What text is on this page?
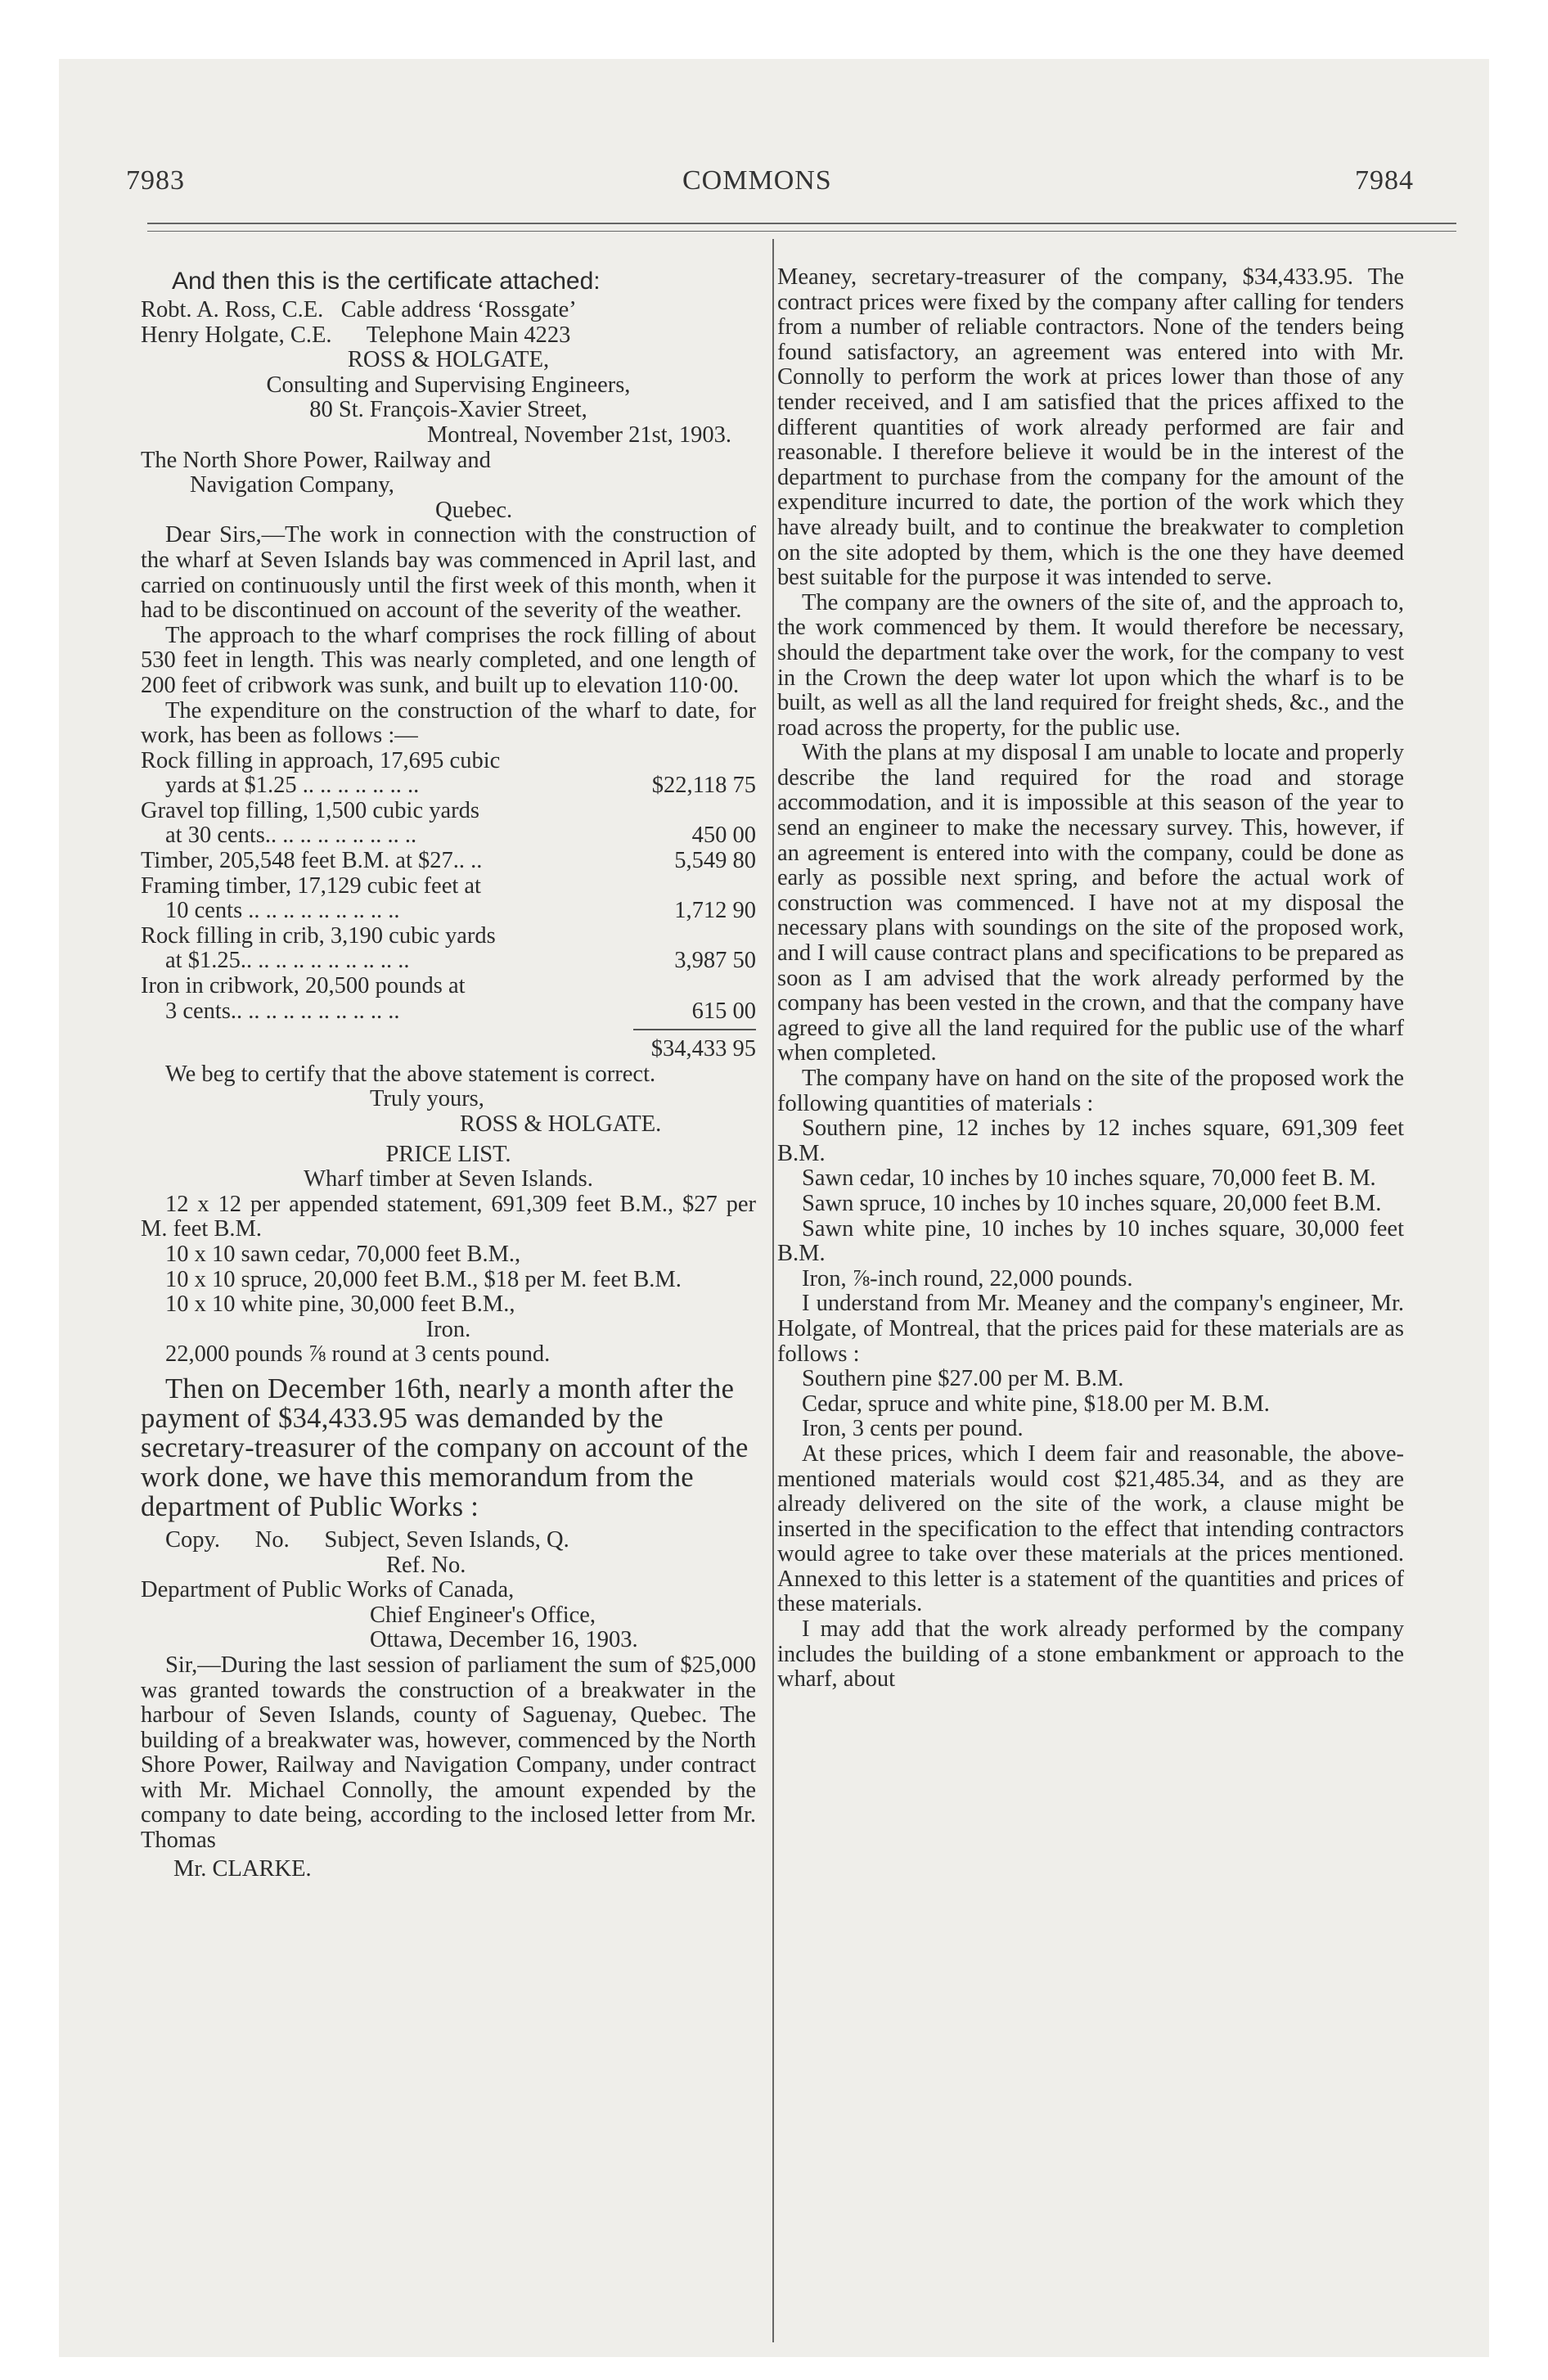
7983	COMMONS	7984

And then this is the certificate attached:

Robt. A. Ross, C.E.   Cable address ‘Rossgate’

Henry Holgate, C.E.      Telephone Main 4223

ROSS & HOLGATE,

Consulting and Supervising Engineers,

80 St. François-Xavier Street,

Montreal, November 21st, 1903.

The North Shore Power, Railway and

Navigation Company,

Quebec.

Dear Sirs,—The work in connection with the construction of the wharf at Seven Islands bay was commenced in April last, and carried on continuously until the first week of this month, when it had to be discontinued on account of the severity of the weather.

The approach to the wharf comprises the rock filling of about 530 feet in length. This was nearly completed, and one length of 200 feet of cribwork was sunk, and built up to elevation 110·00.

The expenditure on the construction of the wharf to date, for work, has been as follows :—

Rock filling in approach, 17,695 cubic

yards at $1.25 .. .. .. .. .. .. ..	$22,118 75

Gravel top filling, 1,500 cubic yards

at 30 cents.. .. .. .. .. .. .. .. ..	450 00
Timber, 205,548 feet B.M. at $27.. ..	5,549 80

Framing timber, 17,129 cubic feet at

10 cents .. .. .. .. .. .. .. .. ..	1,712 90

Rock filling in crib, 3,190 cubic yards

at $1.25.. .. .. .. .. .. .. .. .. ..	3,987 50

Iron in cribwork, 20,500 pounds at

3 cents.. .. .. .. .. .. .. .. .. ..	615 00

$34,433 95

We beg to certify that the above statement is correct.

Truly yours,

ROSS & HOLGATE.

PRICE LIST.

Wharf timber at Seven Islands.

12 x 12 per appended statement, 691,309 feet B.M., $27 per M. feet B.M.

10 x 10 sawn cedar, 70,000 feet B.M.,

10 x 10 spruce, 20,000 feet B.M., $18 per M. feet B.M.

10 x 10 white pine, 30,000 feet B.M.,

Iron.

22,000 pounds ⅞ round at 3 cents pound.

Then on December 16th, nearly a month after the payment of $34,433.95 was demanded by the secretary-treasurer of the company on account of the work done, we have this memorandum from the department of Public Works :

Copy.      No.      Subject, Seven Islands, Q.

Ref. No.

Department of Public Works of Canada,

Chief Engineer's Office,

Ottawa, December 16, 1903.

Sir,—During the last session of parliament the sum of $25,000 was granted towards the construction of a breakwater in the harbour of Seven Islands, county of Saguenay, Quebec. The building of a breakwater was, however, commenced by the North Shore Power, Railway and Navigation Company, under contract with Mr. Michael Connolly, the amount expended by the company to date being, according to the inclosed letter from Mr. Thomas

Mr. CLARKE.

Meaney, secretary-treasurer of the company, $34,433.95. The contract prices were fixed by the company after calling for tenders from a number of reliable contractors. None of the tenders being found satisfactory, an agreement was entered into with Mr. Connolly to perform the work at prices lower than those of any tender received, and I am satisfied that the prices affixed to the different quantities of work already performed are fair and reasonable. I therefore believe it would be in the interest of the department to purchase from the company for the amount of the expenditure incurred to date, the portion of the work which they have already built, and to continue the breakwater to completion on the site adopted by them, which is the one they have deemed best suitable for the purpose it was intended to serve.

The company are the owners of the site of, and the approach to, the work commenced by them. It would therefore be necessary, should the department take over the work, for the company to vest in the Crown the deep water lot upon which the wharf is to be built, as well as all the land required for freight sheds, &c., and the road across the property, for the public use.

With the plans at my disposal I am unable to locate and properly describe the land required for the road and storage accommodation, and it is impossible at this season of the year to send an engineer to make the necessary survey. This, however, if an agreement is entered into with the company, could be done as early as possible next spring, and before the actual work of construction was commenced. I have not at my disposal the necessary plans with soundings on the site of the proposed work, and I will cause contract plans and specifications to be prepared as soon as I am advised that the work already performed by the company has been vested in the crown, and that the company have agreed to give all the land required for the public use of the wharf when completed.

The company have on hand on the site of the proposed work the following quantities of materials :

Southern pine, 12 inches by 12 inches square, 691,309 feet B.M.

Sawn cedar, 10 inches by 10 inches square, 70,000 feet B. M.

Sawn spruce, 10 inches by 10 inches square, 20,000 feet B.M.

Sawn white pine, 10 inches by 10 inches square, 30,000 feet B.M.

Iron, ⅞-inch round, 22,000 pounds.

I understand from Mr. Meaney and the company's engineer, Mr. Holgate, of Montreal, that the prices paid for these materials are as follows :

Southern pine $27.00 per M. B.M.

Cedar, spruce and white pine, $18.00 per M. B.M.

Iron, 3 cents per pound.

At these prices, which I deem fair and reasonable, the above-mentioned materials would cost $21,485.34, and as they are already delivered on the site of the work, a clause might be inserted in the specification to the effect that intending contractors would agree to take over these materials at the prices mentioned. Annexed to this letter is a statement of the quantities and prices of these materials.

I may add that the work already performed by the company includes the building of a stone embankment or approach to the wharf, about
